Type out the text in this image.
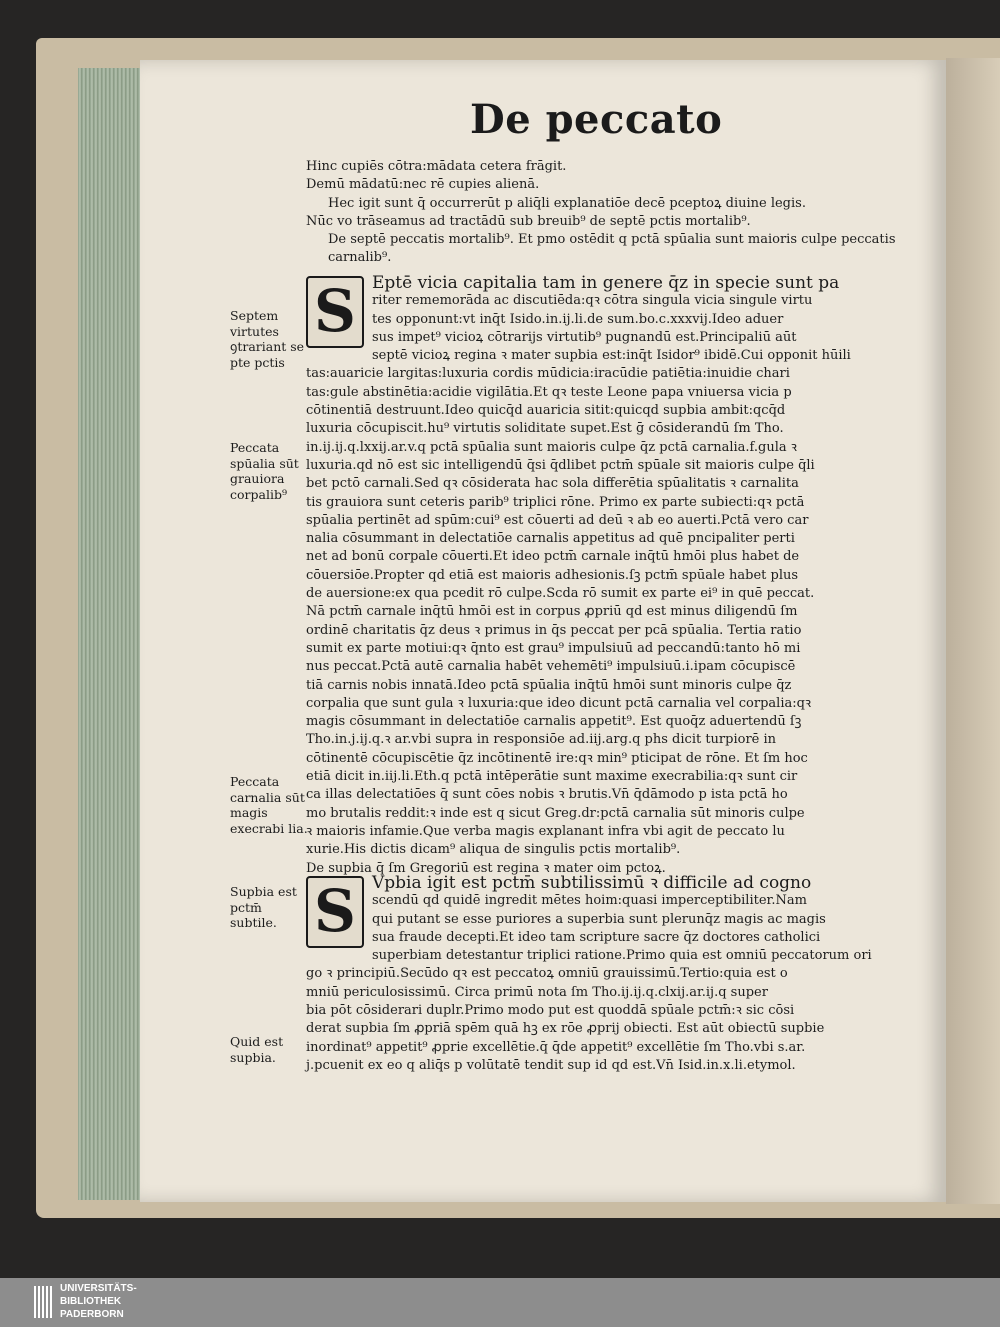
De peccato

Hinc cupiēs cōtra:mādata cetera frāgit.

Demū mādatū:nec rē cupies alienā.

Hec igit sunt q̄ occurrerūt p aliq̄li explanatiōe decē pceptoꝝ diuine legis.

Nūc vo trāseamus ad tractādū sub breuib⁹ de septē pctis mortalib⁹.

De septē peccatis mortalib⁹. Et pmo ostēdit q pctā spūalia sunt maioris culpe peccatis carnalib⁹.

S Eptē vicia capitalia tam in genere q̄z in specie sunt pa

riter rememorāda ac discutiēda:qꝛ cōtra singula vicia singule virtu

tes opponunt:vt inq̄t Isido.in.ij.li.de sum.bo.c.xxxvij.Ideo aduer

sus impet⁹ vicioꝝ cōtrarijs virtutib⁹ pugnandū est.Principaliū aūt

septē vicioꝝ regina ꝛ mater supbia est:inq̄t Isidor⁹ ibidē.Cui opponit hūili

tas:auaricie largitas:luxuria cordis mūdicia:iracūdie patiētia:inuidie chari

tas:gule abstinētia:acidie vigilātia.Et qꝛ teste Leone papa vniuersa vicia p

cōtinentiā destruunt.Ideo quicq̄d auaricia sitit:quicqd supbia ambit:qcq̄d

luxuria cōcupiscit.hu⁹ virtutis soliditate supet.Est ḡ cōsiderandū ſm Tho.

in.ij.ij.q.lxxij.ar.v.q pctā spūalia sunt maioris culpe q̄z pctā carnalia.f.gula ꝛ

luxuria.qd nō est sic intelligendū q̄si q̄dlibet pctm̄ spūale sit maioris culpe q̄li

bet pctō carnali.Sed qꝛ cōsiderata hac sola differētia spūalitatis ꝛ carnalita

tis grauiora sunt ceteris parib⁹ triplici rōne. Primo ex parte subiecti:qꝛ pctā

spūalia pertinēt ad spūm:cui⁹ est cōuerti ad deū ꝛ ab eo auerti.Pctā vero car

nalia cōsummant in delectatiōe carnalis appetitus ad quē pncipaliter perti

net ad bonū corpale cōuerti.Et ideo pctm̄ carnale inq̄tū hmōi plus habet de

cōuersiōe.Propter qd etiā est maioris adhesionis.ſꝫ pctm̄ spūale habet plus

de auersione:ex qua pcedit rō culpe.Scda rō sumit ex parte ei⁹ in quē peccat.

Nā pctm̄ carnale inq̄tū hmōi est in corpus ꝓpriū qd est minus diligendū ſm

ordinē charitatis q̄z deus ꝛ primus in q̄s peccat per pcā spūalia. Tertia ratio

sumit ex parte motiui:qꝛ q̄nto est grau⁹ impulsiuū ad peccandū:tanto hō mi

nus peccat.Pctā autē carnalia habēt vehemēti⁹ impulsiuū.i.ipam cōcupiscē

tiā carnis nobis innatā.Ideo pctā spūalia inq̄tū hmōi sunt minoris culpe q̄z

corpalia que sunt gula ꝛ luxuria:que ideo dicunt pctā carnalia vel corpalia:qꝛ

magis cōsummant in delectatiōe carnalis appetit⁹. Est quoq̄z aduertendū ſꝫ

Tho.in.j.ij.q.ꝛ ar.vbi supra in responsiōe ad.iij.arg.q phs dicit turpiorē in

cōtinentē cōcupiscētie q̄z incōtinentē ire:qꝛ min⁹ pticipat de rōne. Et ſm hoc

etiā dicit in.iij.li.Eth.q pctā intēperātie sunt maxime execrabilia:qꝛ sunt cir

ca illas delectatiōes q̄ sunt cōes nobis ꝛ brutis.Vn̄ q̄dāmodo p ista pctā ho

mo brutalis reddit:ꝛ inde est q sicut Greg.dr:pctā carnalia sūt minoris culpe

ꝛ maioris infamie.Que verba magis explanant infra vbi agit de peccato lu

xurie.His dictis dicam⁹ aliqua de singulis pctis mortalib⁹.

De supbia q̄ ſm Gregoriū est regina ꝛ mater oim pctoꝝ.

S Vpbia igit est pctm̄ subtilissimū ꝛ difficile ad cogno

scendū qd quidē ingredit mētes hoim:quasi imperceptibiliter.Nam

qui putant se esse puriores a superbia sunt plerunq̄z magis ac magis

sua fraude decepti.Et ideo tam scripture sacre q̄z doctores catholici

superbiam detestantur triplici ratione.Primo quia est omniū peccatorum ori

go ꝛ principiū.Secūdo qꝛ est peccatoꝝ omniū grauissimū.Tertio:quia est o

mniū periculosissimū. Circa primū nota ſm Tho.ij.ij.q.clxij.ar.ij.q super

bia pōt cōsiderari duplr.Primo modo put est quoddā spūale pctm̄:ꝛ sic cōsi

derat supbia ſm ꝓpriā spēm quā hꝫ ex rōe ꝓprij obiecti. Est aūt obiectū supbie

inordinat⁹ appetit⁹ ꝓprie excellētie.q̄ q̄de appetit⁹ excellētie ſm Tho.vbi s.ar.

j.pcuenit ex eo q aliq̄s p volūtatē tendit sup id qd est.Vn̄ Isid.in.x.li.etymol.

Septem virtutes ꝯtrariant se pte pctis
Peccata spūalia sūt grauiora corpalib⁹
Peccata carnalia sūt magis execrabi lia.
Supbia est pctm̄ subtile.
Quid est supbia.
UNIVERSITÄTS-
BIBLIOTHEK
PADERBORN
